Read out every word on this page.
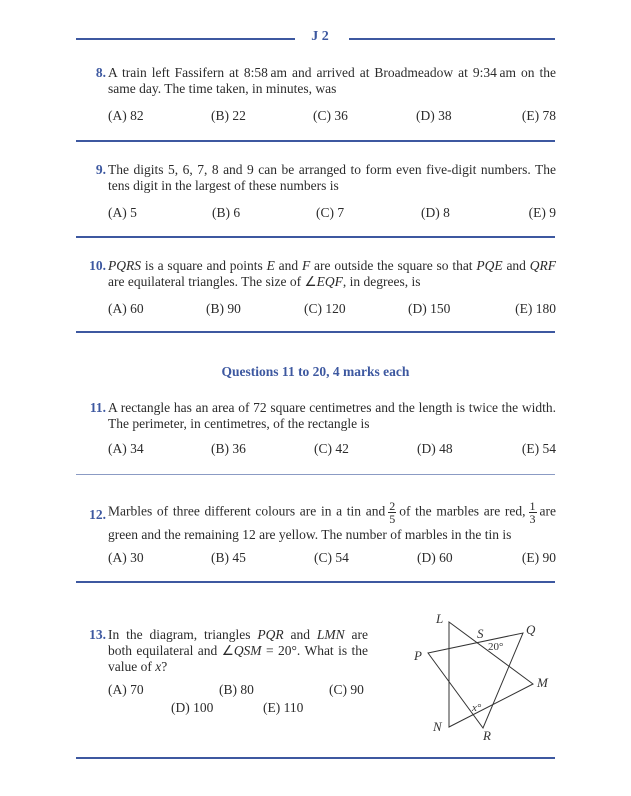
J 2
8. A train left Fassifern at 8:58 am and arrived at Broadmeadow at 9:34 am on the same day. The time taken, in minutes, was
(A) 82	(B) 22	(C) 36	(D) 38	(E) 78
9. The digits 5, 6, 7, 8 and 9 can be arranged to form even five-digit numbers. The tens digit in the largest of these numbers is
(A) 5	(B) 6	(C) 7	(D) 8	(E) 9
10. PQRS is a square and points E and F are outside the square so that PQE and QRF are equilateral triangles. The size of ∠EQF, in degrees, is
(A) 60	(B) 90	(C) 120	(D) 150	(E) 180
Questions 11 to 20, 4 marks each
11. A rectangle has an area of 72 square centimetres and the length is twice the width. The perimeter, in centimetres, of the rectangle is
(A) 34	(B) 36	(C) 42	(D) 48	(E) 54
12. Marbles of three different colours are in a tin and $\frac{2}{5}$ of the marbles are red, $\frac{1}{3}$ are green and the remaining 12 are yellow. The number of marbles in the tin is
(A) 30	(B) 45	(C) 54	(D) 60	(E) 90
13. In the diagram, triangles PQR and LMN are both equilateral and ∠QSM = 20°. What is the value of x?
(A) 70	(B) 80	(C) 90
(D) 100	(E) 110
L
Q
S
P
M
N
R
20°
x°
